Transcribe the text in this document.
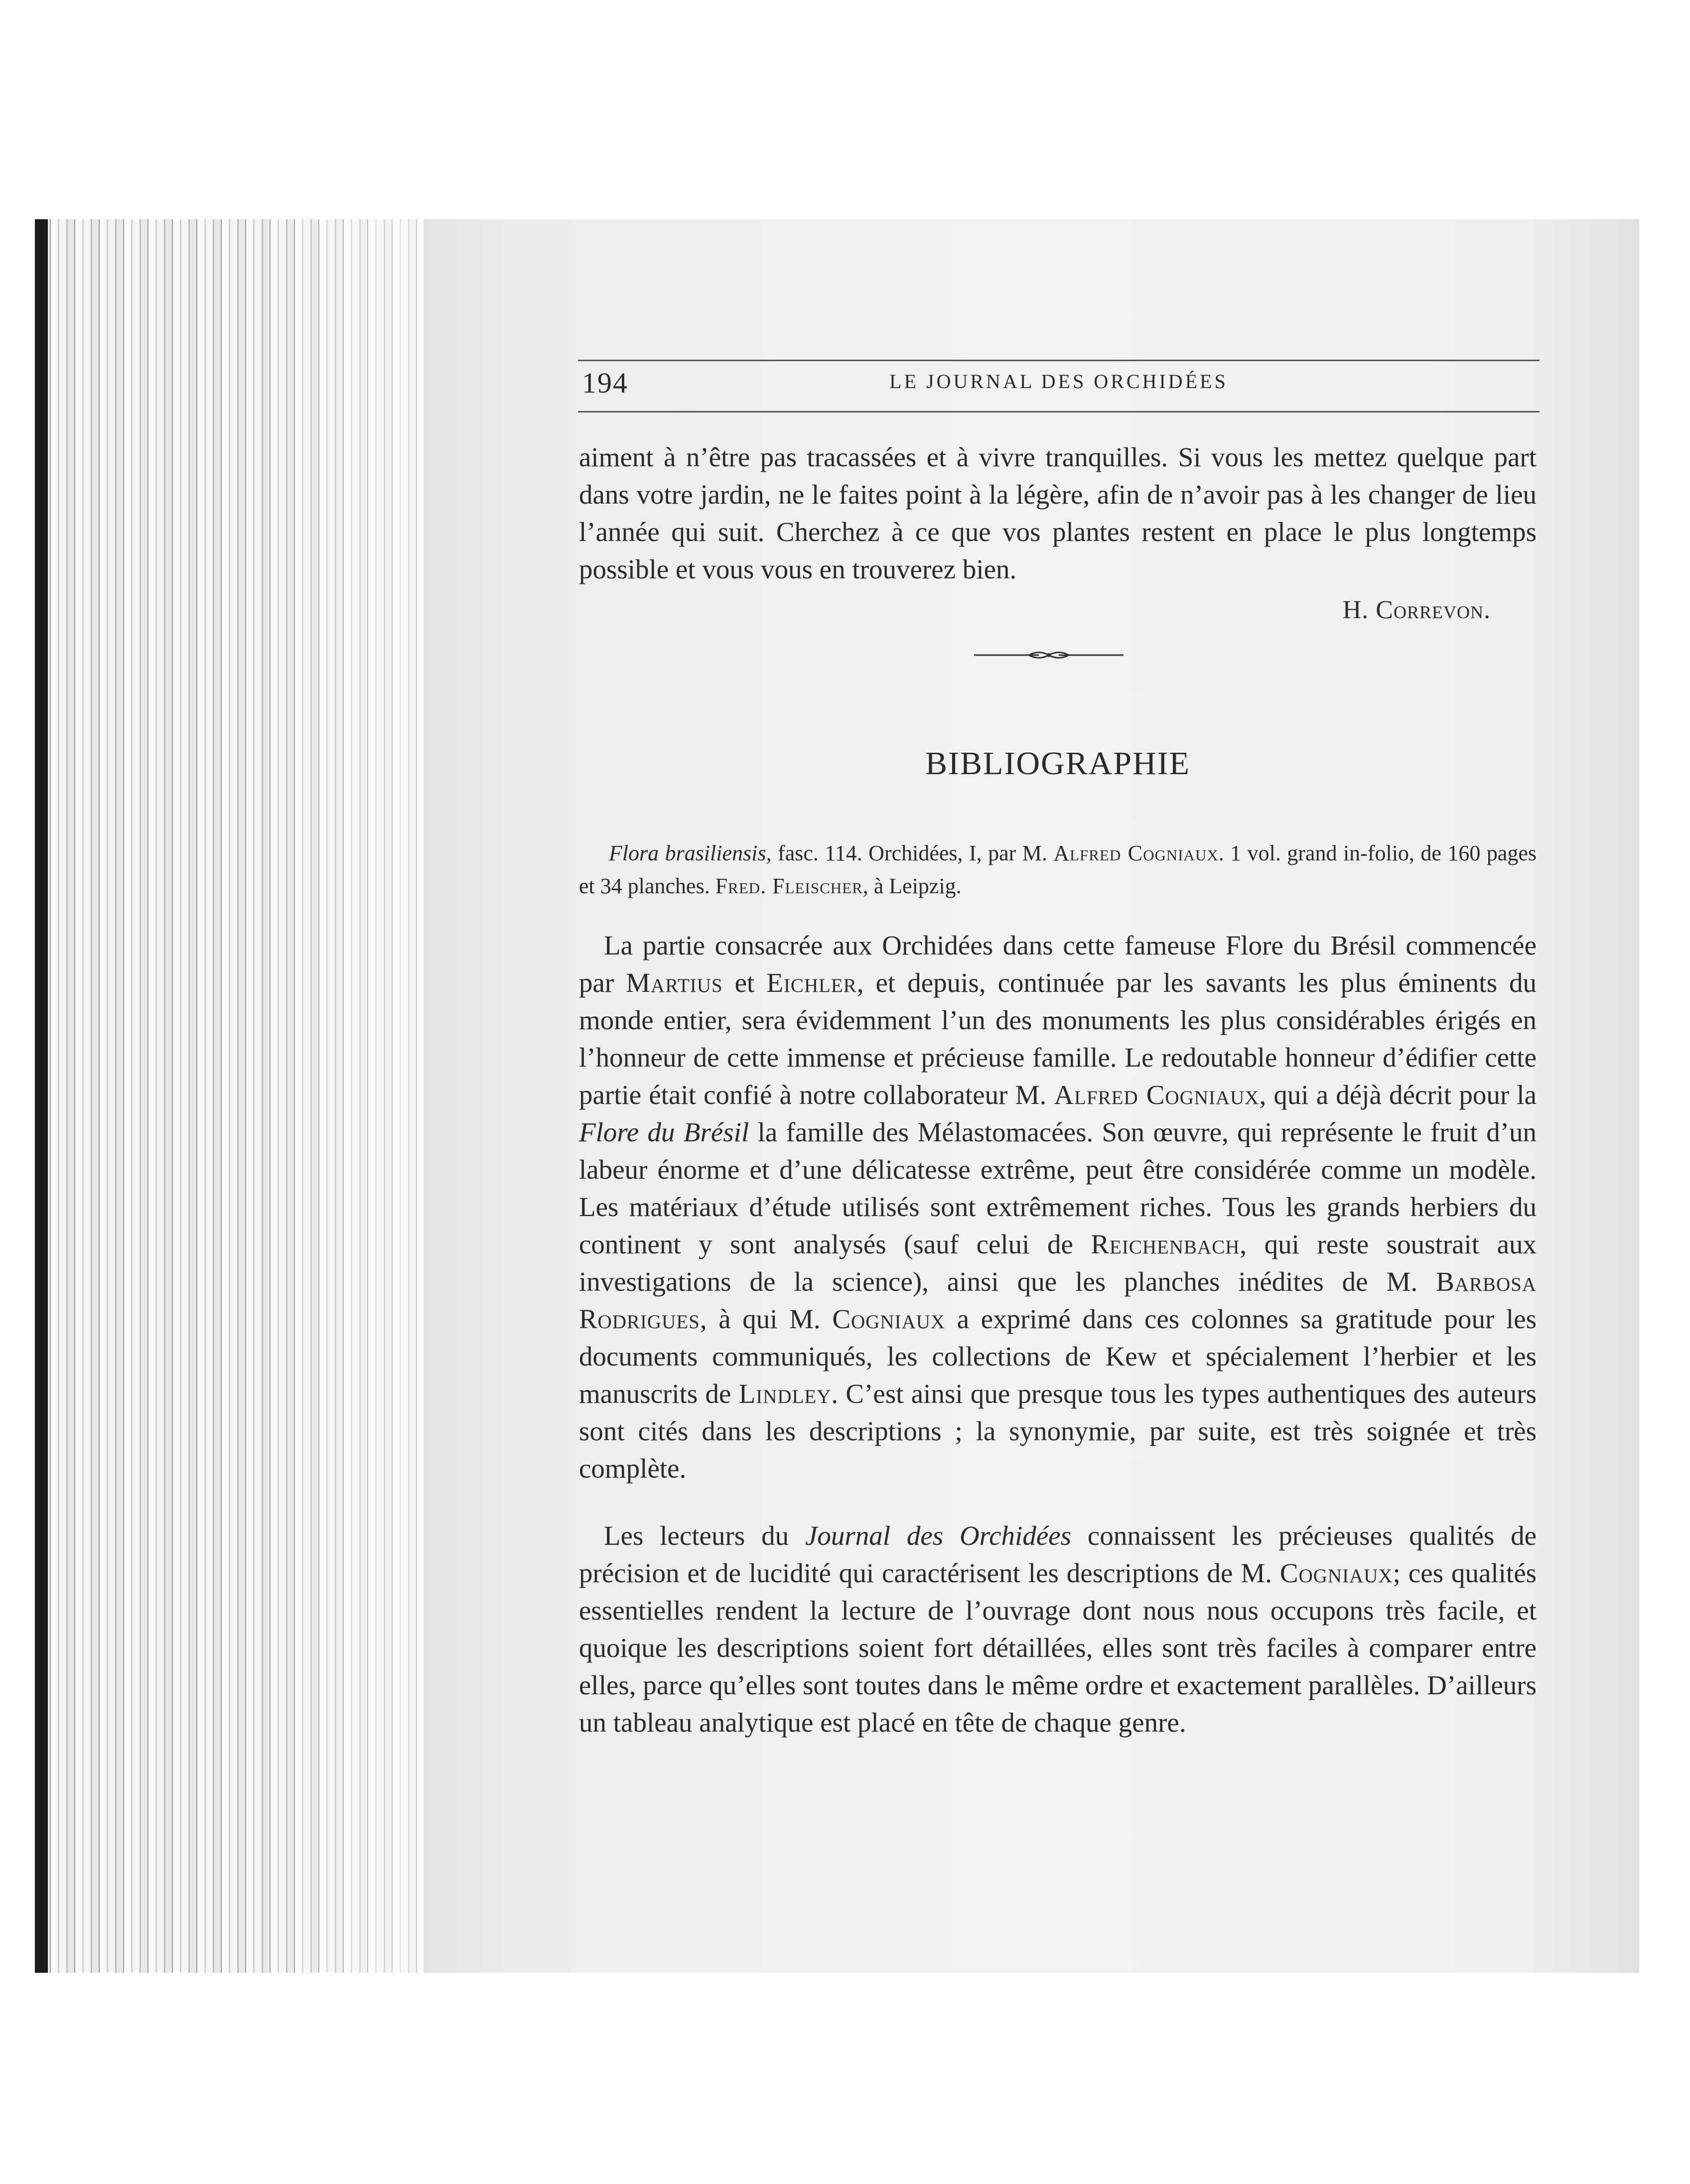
194	LE JOURNAL DES ORCHIDÉES
aiment à n’être pas tracassées et à vivre tranquilles. Si vous les mettez quelque part dans votre jardin, ne le faites point à la légère, afin de n’avoir pas à les changer de lieu l’année qui suit. Cherchez à ce que vos plantes restent en place le plus longtemps possible et vous vous en trouverez bien.
H. Correvon.
BIBLIOGRAPHIE
Flora brasiliensis, fasc. 114. Orchidées, I, par M. Alfred Cogniaux. 1 vol. grand in-folio, de 160 pages et 34 planches. Fred. Fleischer, à Leipzig.
La partie consacrée aux Orchidées dans cette fameuse Flore du Brésil commencée par Martius et Eichler, et depuis, continuée par les savants les plus éminents du monde entier, sera évidemment l’un des monuments les plus considérables érigés en l’honneur de cette immense et précieuse famille. Le redoutable honneur d’édifier cette partie était confié à notre collaborateur M. Alfred Cogniaux, qui a déjà décrit pour la Flore du Brésil la famille des Mélastomacées. Son œuvre, qui représente le fruit d’un labeur énorme et d’une délicatesse extrême, peut être considérée comme un modèle. Les matériaux d’étude utilisés sont extrêmement riches. Tous les grands herbiers du continent y sont analysés (sauf celui de Reichenbach, qui reste soustrait aux investigations de la science), ainsi que les planches inédites de M. Barbosa Rodrigues, à qui M. Cogniaux a exprimé dans ces colonnes sa gratitude pour les documents communiqués, les collections de Kew et spécialement l’herbier et les manuscrits de Lindley. C’est ainsi que presque tous les types authentiques des auteurs sont cités dans les descriptions ; la synonymie, par suite, est très soignée et très complète.
Les lecteurs du Journal des Orchidées connaissent les précieuses qualités de précision et de lucidité qui caractérisent les descriptions de M. Cogniaux; ces qualités essentielles rendent la lecture de l’ouvrage dont nous nous occupons très facile, et quoique les descriptions soient fort détaillées, elles sont très faciles à comparer entre elles, parce qu’elles sont toutes dans le même ordre et exactement parallèles. D’ailleurs un tableau analytique est placé en tête de chaque genre.
